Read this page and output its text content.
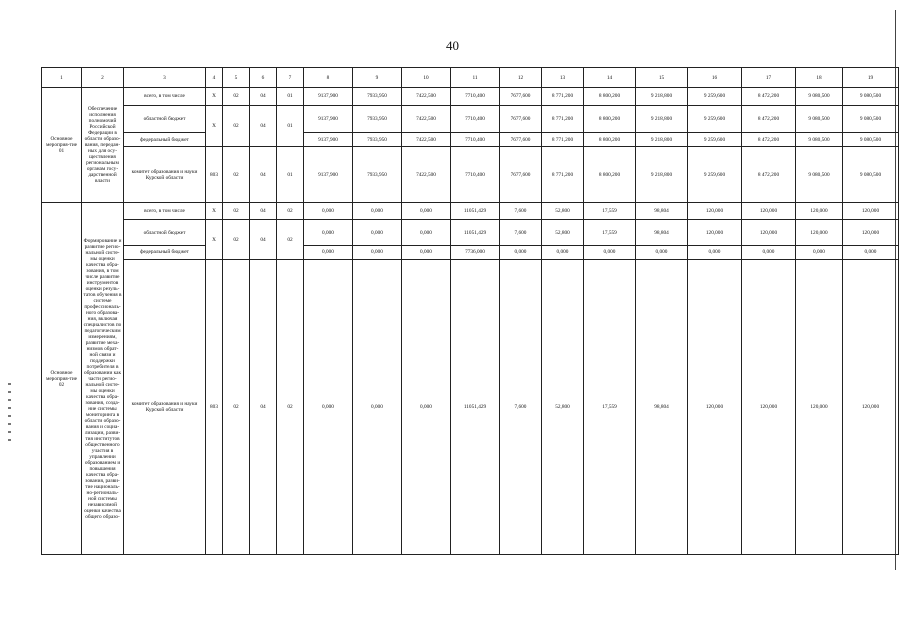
40
1	2	3	4	5	6	7	8	9	10	11	12	13	14	15	16	17	18	19
Основное мероприя-тие 01	Обеспечение исполнения полномочий Российской Федерации в области образо-вания, передан-ных для осу-ществления региональным органам госу-дарственной власти	всего, в том числе	X	02	04	01	9137,900	7933,950	7422,500	7710,400	7677,600	8 771,200	8 800,200	9 218,800	9 259,600	8 472,200	9 080,500	9 080,500
		областной бюджет	X	02	04	01	9137,900	7933,950	7422,500	7710,400	7677,600	8 771,200	8 800,200	9 218,800	9 259,600	8 472,200	9 080,500	9 080,500
		федеральный бюджет					9137,900	7933,950	7422,500	7710,400	7677,600	8 771,200	8 800,200	9 218,800	9 259,600	8 472,200	9 080,500	9 080,500
		комитет образования и науки Курской области	803	02	04	01	9137,900	7933,950	7422,500	7710,400	7677,600	8 771,200	8 800,200	9 218,800	9 259,600	8 472,200	9 080,500	9 080,500
Основное мероприя-тие 02	Формирование и развитие регио-нальной систе-мы оценки качества обра-зования, в том числе развитие инструментов оценки резуль-татов обучения в системе профессиональ-ного образова-ния, включая специалистов по педагогическим измерениям, развитие меха-низмов обрат-ной связи и поддержки потребителя в образовании как части регио-нальной систе-мы оценки качества обра-зования, созда-ние системы мониторинга в области образо-вания и социа-лизации, разви-тия институтов общественного участия в управлении образованием и повышения качества обра-зования, разви-тие националь-но-региональ-ной системы независимой оценки качества общего образо-	всего, в том числе	X	02	04	02	0,000	0,000	0,000	11051,429	7,600	52,800	17,559	98,804	120,000	120,000	120,000	120,000
		областной бюджет	X	02	04	02	0,000	0,000	0,000	11051,429	7,600	52,800	17,559	98,804	120,000	120,000	120,000	120,000
		федеральный бюджет					0,000	0,000	0,000	7736,000	0,000	0,000	0,000	0,000	0,000	0,000	0,000	0,000
		комитет образования и науки Курской области	803	02	04	02	0,000	0,000	0,000	11051,429	7,600	52,800	17,559	98,804	120,000	120,000	120,000	120,000
